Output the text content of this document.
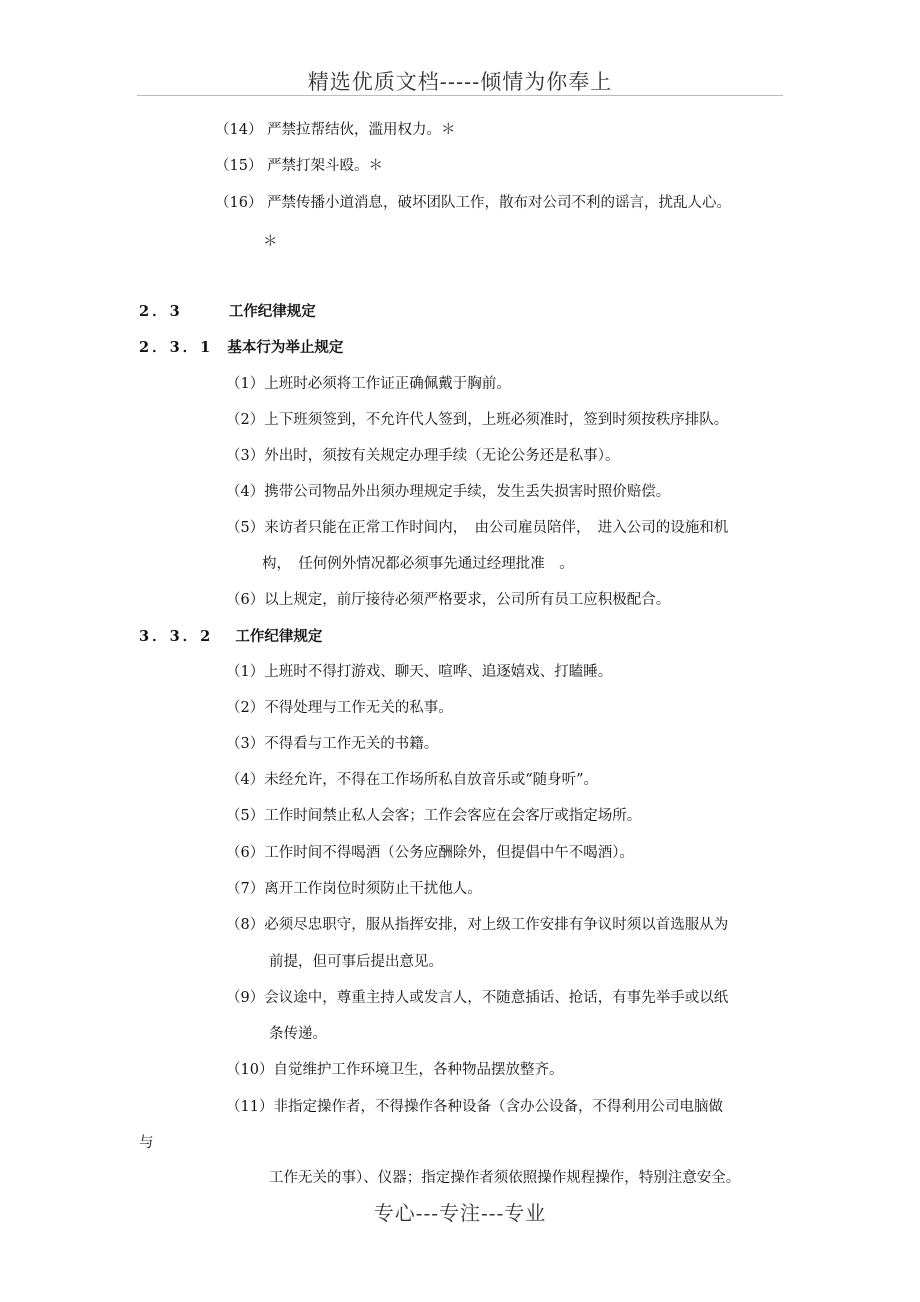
精选优质文档-----倾情为你奉上
（14） 严禁拉帮结伙，滥用权力。＊
（15） 严禁打架斗殴。＊
（16） 严禁传播小道消息，破坏团队工作，散布对公司不利的谣言，扰乱人心。
＊
2．3	工作纪律规定
2．3．1 基本行为举止规定
（1）上班时必须将工作证正确佩戴于胸前。
（2）上下班须签到，不允许代人签到，上班必须准时，签到时须按秩序排队。
（3）外出时，须按有关规定办理手续（无论公务还是私事）。
（4）携带公司物品外出须办理规定手续，发生丢失损害时照价赔偿。
（5）来访者只能在正常工作时间内，　由公司雇员陪伴，　进入公司的设施和机
构，　任何例外情况都必须事先通过经理批准　。
（6）以上规定，前厅接待必须严格要求，公司所有员工应积极配合。
3．3．2 工作纪律规定
（1）上班时不得打游戏、聊天、喧哗、追逐嬉戏、打瞌睡。
（2）不得处理与工作无关的私事。
（3）不得看与工作无关的书籍。
（4）未经允许，不得在工作场所私自放音乐或“随身听”。
（5）工作时间禁止私人会客；工作会客应在会客厅或指定场所。
（6）工作时间不得喝酒（公务应酬除外，但提倡中午不喝酒）。
（7）离开工作岗位时须防止干扰他人。
（8）必须尽忠职守，服从指挥安排，对上级工作安排有争议时须以首选服从为
前提，但可事后提出意见。
（9）会议途中，尊重主持人或发言人，不随意插话、抢话，有事先举手或以纸
条传递。
（10）自觉维护工作环境卫生，各种物品摆放整齐。
（11）非指定操作者，不得操作各种设备（含办公设备，不得利用公司电脑做
与
工作无关的事）、仪器；指定操作者须依照操作规程操作，特别注意安全。
专心---专注---专业
